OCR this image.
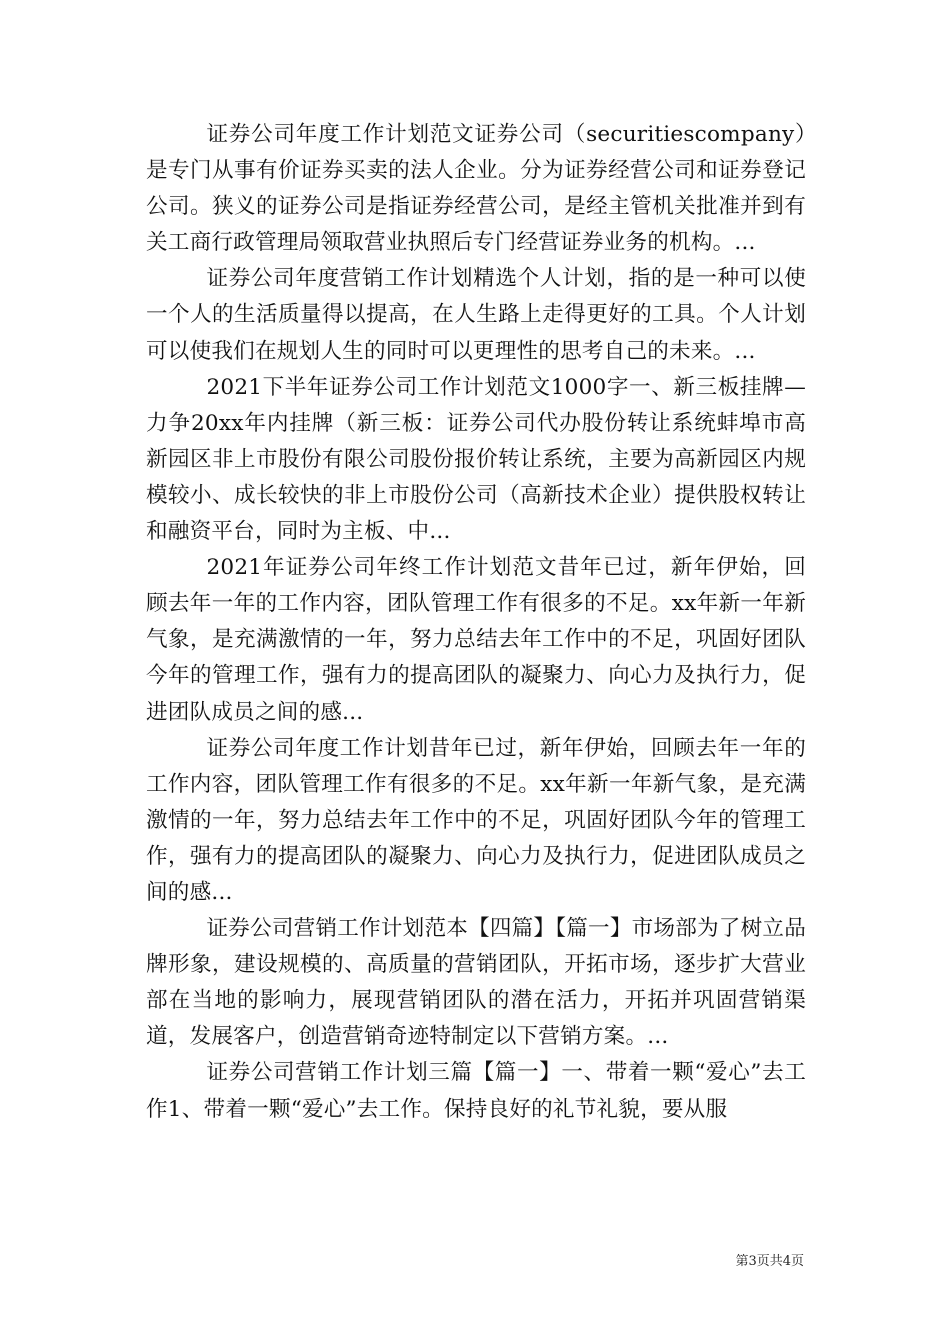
证券公司年度工作计划范文证券公司（securitiescompany）是专门从事有价证券买卖的法人企业。分为证券经营公司和证券登记公司。狭义的证券公司是指证券经营公司，是经主管机关批准并到有关工商行政管理局领取营业执照后专门经营证券业务的机构。...

证券公司年度营销工作计划精选个人计划，指的是一种可以使一个人的生活质量得以提高，在人生路上走得更好的工具。个人计划可以使我们在规划人生的同时可以更理性的思考自己的未来。...

2021下半年证券公司工作计划范文1000字一、新三板挂牌—力争20xx年内挂牌（新三板：证券公司代办股份转让系统蚌埠市高新园区非上市股份有限公司股份报价转让系统，主要为高新园区内规模较小、成长较快的非上市股份公司（高新技术企业）提供股权转让和融资平台，同时为主板、中...

2021年证券公司年终工作计划范文昔年已过，新年伊始，回顾去年一年的工作内容，团队管理工作有很多的不足。xx年新一年新气象，是充满激情的一年，努力总结去年工作中的不足，巩固好团队今年的管理工作，强有力的提高团队的凝聚力、向心力及执行力，促进团队成员之间的感...

证券公司年度工作计划昔年已过，新年伊始，回顾去年一年的工作内容，团队管理工作有很多的不足。xx年新一年新气象，是充满激情的一年，努力总结去年工作中的不足，巩固好团队今年的管理工作，强有力的提高团队的凝聚力、向心力及执行力，促进团队成员之间的感...

证券公司营销工作计划范本【四篇】【篇一】市场部为了树立品牌形象，建设规模的、高质量的营销团队，开拓市场，逐步扩大营业部在当地的影响力，展现营销团队的潜在活力，开拓并巩固营销渠道，发展客户，创造营销奇迹特制定以下营销方案。...

证券公司营销工作计划三篇【篇一】一、带着一颗“爱心”去工作1、带着一颗“爱心”去工作。保持良好的礼节礼貌，要从服

第3页共4页
